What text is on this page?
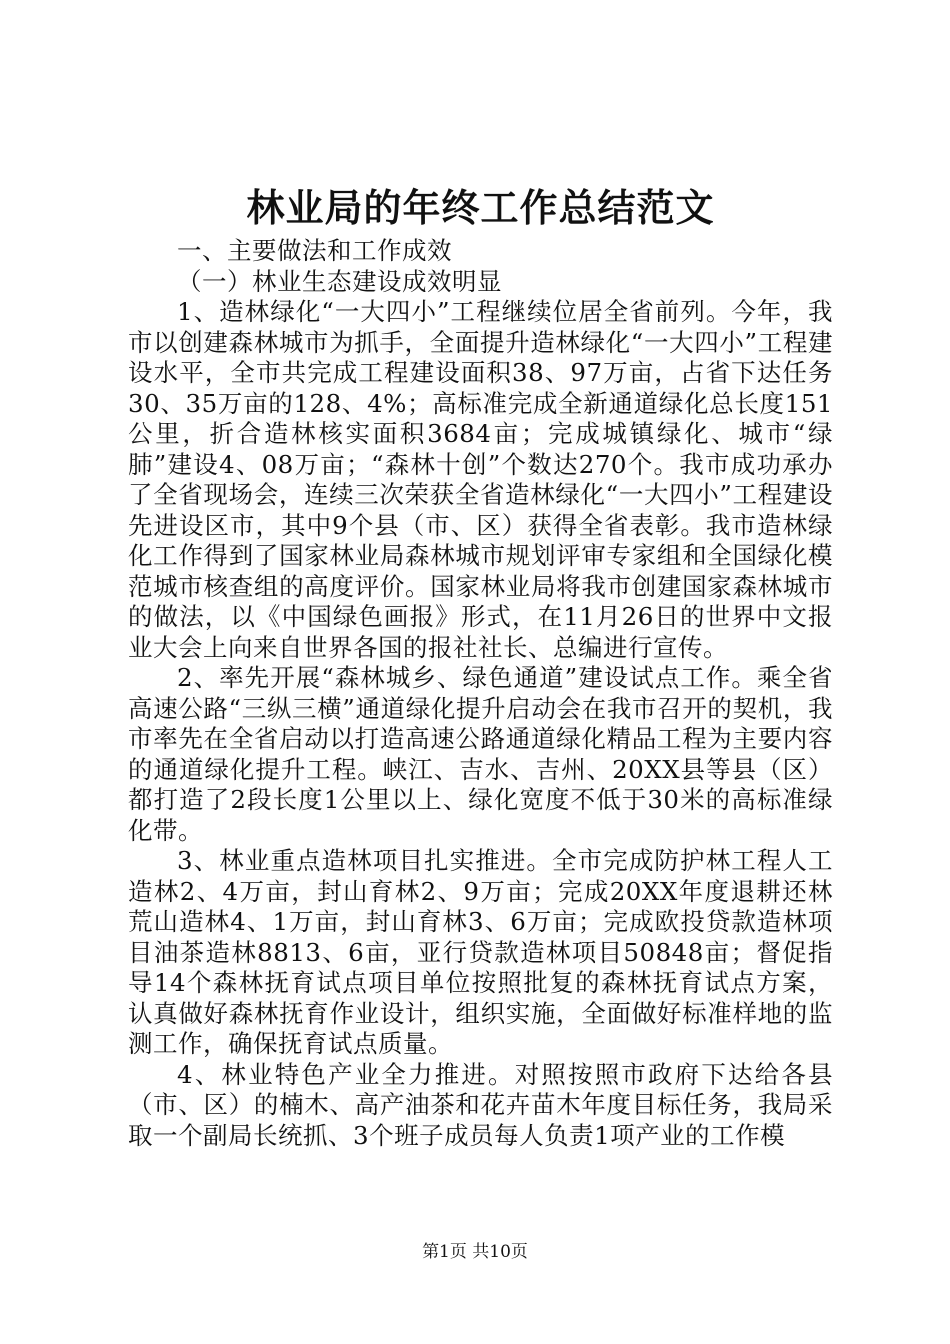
林业局的年终工作总结范文

一、主要做法和工作成效

（一）林业生态建设成效明显

1、造林绿化“一大四小”工程继续位居全省前列。今年，我市以创建森林城市为抓手，全面提升造林绿化“一大四小”工程建设水平，全市共完成工程建设面积38、97万亩，占省下达任务30、35万亩的128、4%；高标准完成全新通道绿化总长度151公里，折合造林核实面积3684亩；完成城镇绿化、城市“绿肺”建设4、08万亩；“森林十创”个数达270个。我市成功承办了全省现场会，连续三次荣获全省造林绿化“一大四小”工程建设先进设区市，其中9个县（市、区）获得全省表彰。我市造林绿化工作得到了国家林业局森林城市规划评审专家组和全国绿化模范城市核查组的高度评价。国家林业局将我市创建国家森林城市的做法，以《中国绿色画报》形式，在11月26日的世界中文报业大会上向来自世界各国的报社社长、总编进行宣传。

2、率先开展“森林城乡、绿色通道”建设试点工作。乘全省高速公路“三纵三横”通道绿化提升启动会在我市召开的契机，我市率先在全省启动以打造高速公路通道绿化精品工程为主要内容的通道绿化提升工程。峡江、吉水、吉州、20XX县等县（区）都打造了2段长度1公里以上、绿化宽度不低于30米的高标准绿化带。

3、林业重点造林项目扎实推进。全市完成防护林工程人工造林2、4万亩，封山育林2、9万亩；完成20XX年度退耕还林荒山造林4、1万亩，封山育林3、6万亩；完成欧投贷款造林项目油茶造林8813、6亩，亚行贷款造林项目50848亩；督促指导14个森林抚育试点项目单位按照批复的森林抚育试点方案，认真做好森林抚育作业设计，组织实施，全面做好标准样地的监测工作，确保抚育试点质量。

4、林业特色产业全力推进。对照按照市政府下达给各县（市、区）的楠木、高产油茶和花卉苗木年度目标任务，我局采取一个副局长统抓、3个班子成员每人负责1项产业的工作模

第1页 共10页
